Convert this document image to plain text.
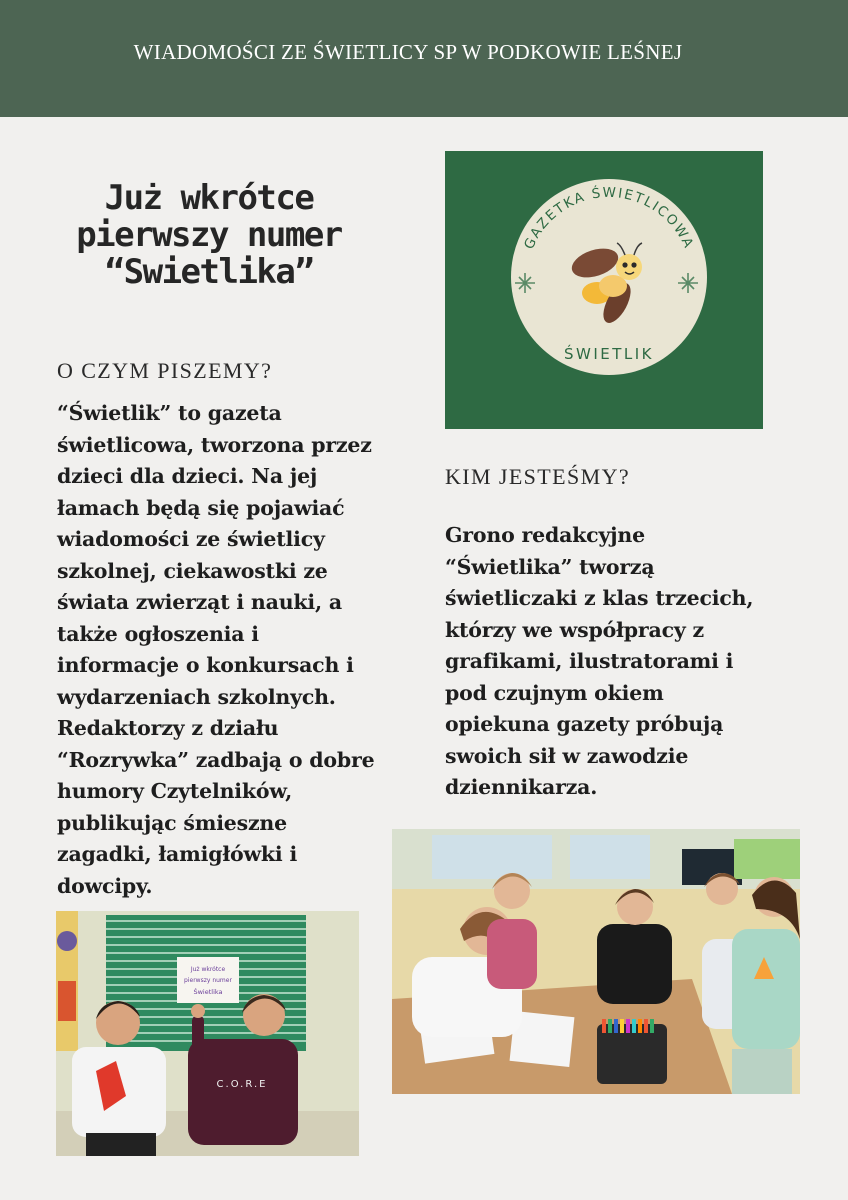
WIADOMOŚCI ZE ŚWIETLICY SP W PODKOWIE LEŚNEJ
Już wkrótce
pierwszy numer
“Swietlika”
O CZYM PISZEMY?
“Świetlik” to gazeta
świetlicowa, tworzona przez
dzieci dla dzieci. Na jej
łamach będą się pojawiać
wiadomości ze świetlicy
szkolnej, ciekawostki ze
świata zwierząt i nauki, a
także ogłoszenia i
informacje o konkursach i
wydarzeniach szkolnych.
Redaktorzy z działu
“Rozrywka” zadbają o dobre
humory Czytelników,
publikując śmieszne
zagadki, łamigłówki i
dowcipy.
GAZETKA ŚWIETLICOWA
ŚWIETLIK
KIM JESTEŚMY?
Grono redakcyjne
“Świetlika” tworzą
świetliczaki z klas trzecich,
którzy we współpracy z
grafikami, ilustratorami i
pod czujnym okiem
opiekuna gazety próbują
swoich sił w zawodzie
dziennikarza.
Już wkrótce
pierwszy numer
Świetlika
C.O.R.E
